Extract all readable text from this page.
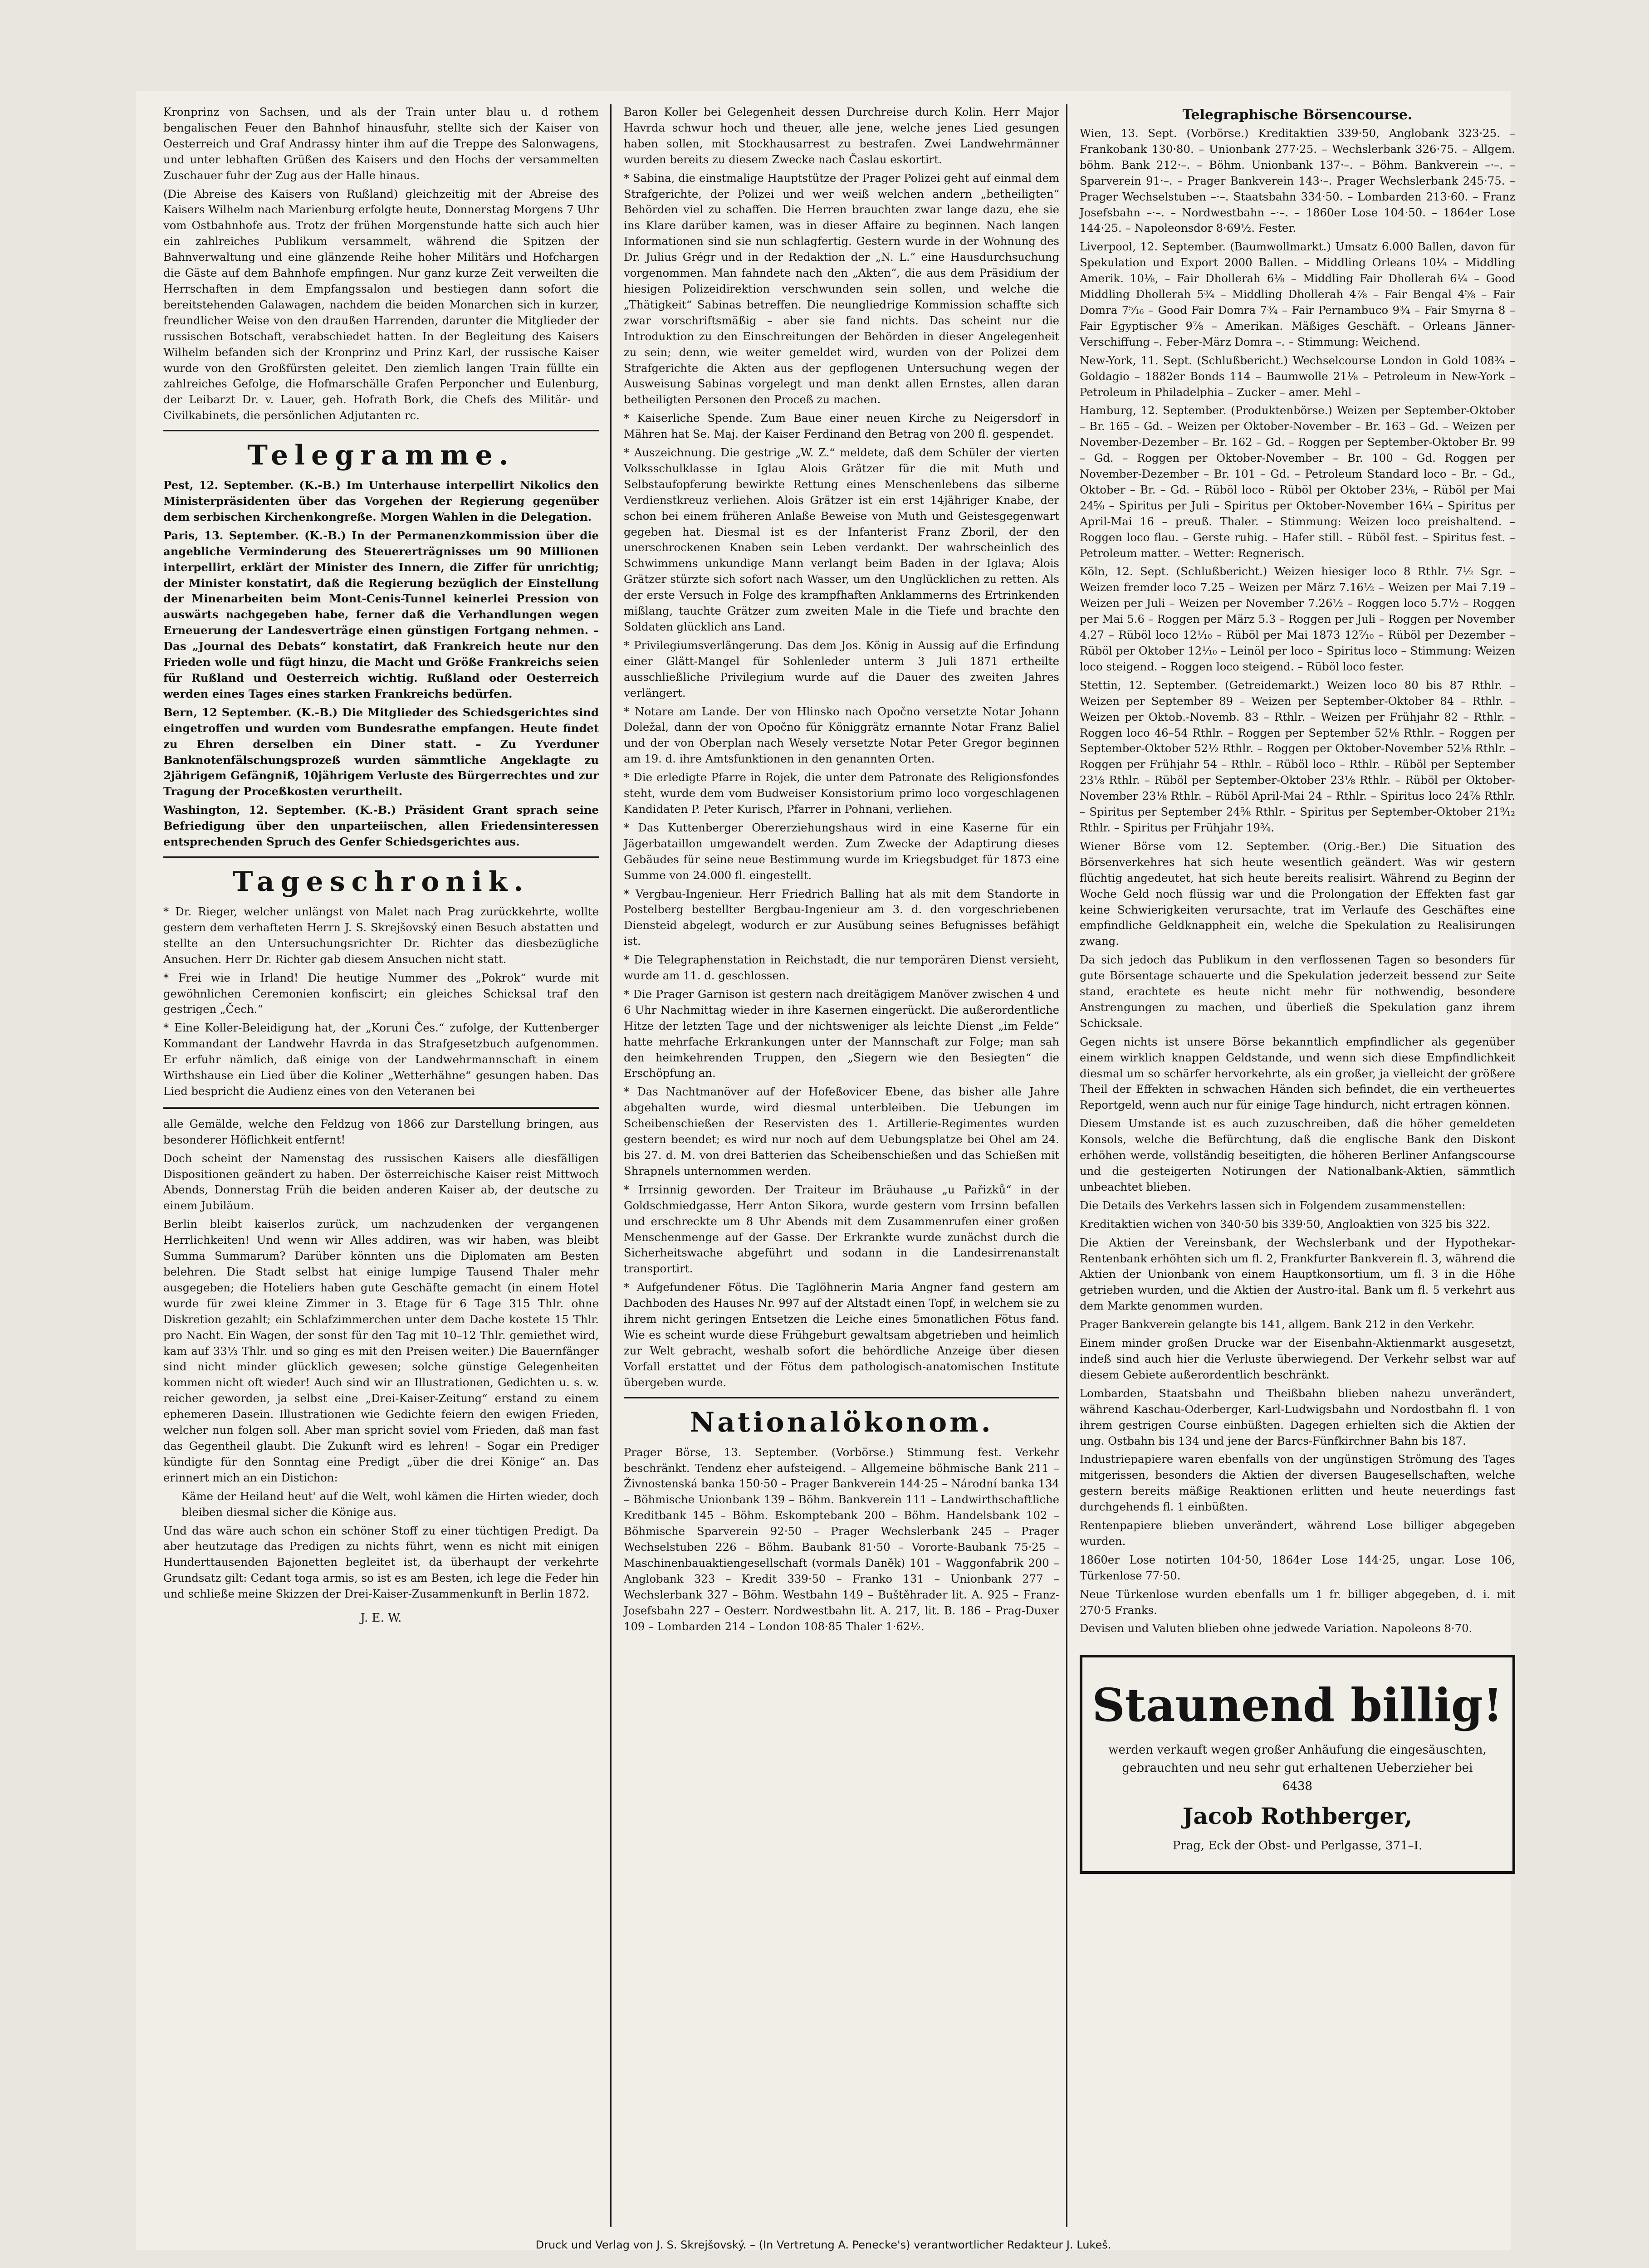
Kronprinz von Sachsen, und als der Train unter blau u. d rothem bengalischen Feuer den Bahnhof hinausfuhr, stellte sich der Kaiser von Oesterreich und Graf Andrassy hinter ihm auf die Treppe des Salonwagens, und unter lebhaften Grüßen des Kaisers und den Hochs der versammelten Zuschauer fuhr der Zug aus der Halle hinaus.

(Die Abreise des Kaisers von Rußland) gleichzeitig mit der Abreise des Kaisers Wilhelm nach Marienburg erfolgte heute, Donnerstag Morgens 7 Uhr vom Ostbahnhofe aus. Trotz der frühen Morgenstunde hatte sich auch hier ein zahlreiches Publikum versammelt, während die Spitzen der Bahnverwaltung und eine glänzende Reihe hoher Militärs und Hofchargen die Gäste auf dem Bahnhofe empfingen. Nur ganz kurze Zeit verweilten die Herrschaften in dem Empfangssalon und bestiegen dann sofort die bereitstehenden Galawagen, nachdem die beiden Monarchen sich in kurzer, freundlicher Weise von den draußen Harrenden, darunter die Mitglieder der russischen Botschaft, verabschiedet hatten. In der Begleitung des Kaisers Wilhelm befanden sich der Kronprinz und Prinz Karl, der russische Kaiser wurde von den Großfürsten geleitet. Den ziemlich langen Train füllte ein zahlreiches Gefolge, die Hofmarschälle Grafen Perponcher und Eulenburg, der Leibarzt Dr. v. Lauer, geh. Hofrath Bork, die Chefs des Militär- und Civilkabinets, die persönlichen Adjutanten rc.

Telegramme.

Pest, 12. September. (K.-B.) Im Unterhause interpellirt Nikolics den Ministerpräsidenten über das Vorgehen der Regierung gegenüber dem serbischen Kirchenkongreße. Morgen Wahlen in die Delegation.

Paris, 13. September. (K.-B.) In der Permanenzkommission über die angebliche Verminderung des Steuererträgnisses um 90 Millionen interpellirt, erklärt der Minister des Innern, die Ziffer für unrichtig; der Minister konstatirt, daß die Regierung bezüglich der Einstellung der Minenarbeiten beim Mont-Cenis-Tunnel keinerlei Pression von auswärts nachgegeben habe, ferner daß die Verhandlungen wegen Erneuerung der Landesverträge einen günstigen Fortgang nehmen. – Das „Journal des Debats“ konstatirt, daß Frankreich heute nur den Frieden wolle und fügt hinzu, die Macht und Größe Frankreichs seien für Rußland und Oesterreich wichtig. Rußland oder Oesterreich werden eines Tages eines starken Frankreichs bedürfen.

Bern, 12 September. (K.-B.) Die Mitglieder des Schiedsgerichtes sind eingetroffen und wurden vom Bundesrathe empfangen. Heute findet zu Ehren derselben ein Diner statt. – Zu Yverduner Banknotenfälschungsprozeß wurden sämmtliche Angeklagte zu 2jährigem Gefängniß, 10jährigem Verluste des Bürgerrechtes und zur Tragung der Proceßkosten verurtheilt.

Washington, 12. September. (K.-B.) Präsident Grant sprach seine Befriedigung über den unparteiischen, allen Friedensinteressen entsprechenden Spruch des Genfer Schiedsgerichtes aus.

Tageschronik.

* Dr. Rieger, welcher unlängst von Malet nach Prag zurückkehrte, wollte gestern dem verhafteten Herrn J. S. Skrejšovský einen Besuch abstatten und stellte an den Untersuchungsrichter Dr. Richter das diesbezügliche Ansuchen. Herr Dr. Richter gab diesem Ansuchen nicht statt.

* Frei wie in Irland! Die heutige Nummer des „Pokrok“ wurde mit gewöhnlichen Ceremonien konfiscirt; ein gleiches Schicksal traf den gestrigen „Čech.“

* Eine Koller-Beleidigung hat, der „Korunі Čes.“ zufolge, der Kuttenberger Kommandant der Landwehr Havrda in das Strafgesetzbuch aufgenommen. Er erfuhr nämlich, daß einige von der Landwehrmannschaft in einem Wirthshause ein Lied über die Koliner „Wetterhähne“ gesungen haben. Das Lied bespricht die Audienz eines von den Veteranen bei

alle Gemälde, welche den Feldzug von 1866 zur Darstellung bringen, aus besonderer Höflichkeit entfernt!

Doch scheint der Namenstag des russischen Kaisers alle diesfälligen Dispositionen geändert zu haben. Der österreichische Kaiser reist Mittwoch Abends, Donnerstag Früh die beiden anderen Kaiser ab, der deutsche zu einem Jubiläum.

Berlin bleibt kaiserlos zurück, um nachzudenken der vergangenen Herrlichkeiten! Und wenn wir Alles addiren, was wir haben, was bleibt Summa Summarum? Darüber könnten uns die Diplomaten am Besten belehren. Die Stadt selbst hat einige lumpige Tausend Thaler mehr ausgegeben; die Hoteliers haben gute Geschäfte gemacht (in einem Hotel wurde für zwei kleine Zimmer in 3. Etage für 6 Tage 315 Thlr. ohne Diskretion gezahlt; ein Schlafzimmerchen unter dem Dache kostete 15 Thlr. pro Nacht. Ein Wagen, der sonst für den Tag mit 10–12 Thlr. gemiethet wird, kam auf 33⅓ Thlr. und so ging es mit den Preisen weiter.) Die Bauernfänger sind nicht minder glücklich gewesen; solche günstige Gelegenheiten kommen nicht oft wieder! Auch sind wir an Illustrationen, Gedichten u. s. w. reicher geworden, ja selbst eine „Drei-Kaiser-Zeitung“ erstand zu einem ephemeren Dasein. Illustrationen wie Gedichte feiern den ewigen Frieden, welcher nun folgen soll. Aber man spricht soviel vom Frieden, daß man fast das Gegentheil glaubt. Die Zukunft wird es lehren! – Sogar ein Prediger kündigte für den Sonntag eine Predigt „über die drei Könige“ an. Das erinnert mich an ein Distichon:

Käme der Heiland heut' auf die Welt, wohl kämen die Hirten wieder, doch bleiben diesmal sicher die Könige aus.

Und das wäre auch schon ein schöner Stoff zu einer tüchtigen Predigt. Da aber heutzutage das Predigen zu nichts führt, wenn es nicht mit einigen Hunderttausenden Bajonetten begleitet ist, da überhaupt der verkehrte Grundsatz gilt: Cedant toga armis, so ist es am Besten, ich lege die Feder hin und schließe meine Skizzen der Drei-Kaiser-Zusammenkunft in Berlin 1872.

J. E. W.

Baron Koller bei Gelegenheit dessen Durchreise durch Kolin. Herr Major Havrda schwur hoch und theuer, alle jene, welche jenes Lied gesungen haben sollen, mit Stockhausarrest zu bestrafen. Zwei Landwehrmänner wurden bereits zu diesem Zwecke nach Časlau eskortirt.

* Sabina, die einstmalige Hauptstütze der Prager Polizei geht auf einmal dem Strafgerichte, der Polizei und wer weiß welchen andern „betheiligten“ Behörden viel zu schaffen. Die Herren brauchten zwar lange dazu, ehe sie ins Klare darüber kamen, was in dieser Affaire zu beginnen. Nach langen Informationen sind sie nun schlagfertig. Gestern wurde in der Wohnung des Dr. Julius Grégr und in der Redaktion der „N. L.“ eine Hausdurchsuchung vorgenommen. Man fahndete nach den „Akten“, die aus dem Präsidium der hiesigen Polizeidirektion verschwunden sein sollen, und welche die „Thätigkeit“ Sabinas betreffen. Die neungliedrige Kommission schaffte sich zwar vorschriftsmäßig – aber sie fand nichts. Das scheint nur die Introduktion zu den Einschreitungen der Behörden in dieser Angelegenheit zu sein; denn, wie weiter gemeldet wird, wurden von der Polizei dem Strafgerichte die Akten aus der gepflogenen Untersuchung wegen der Ausweisung Sabinas vorgelegt und man denkt allen Ernstes, allen daran betheiligten Personen den Proceß zu machen.

* Kaiserliche Spende. Zum Baue einer neuen Kirche zu Neigersdorf in Mähren hat Se. Maj. der Kaiser Ferdinand den Betrag von 200 fl. gespendet.

* Auszeichnung. Die gestrige „W. Z.“ meldete, daß dem Schüler der vierten Volksschulklasse in Iglau Alois Grätzer für die mit Muth und Selbstaufopferung bewirkte Rettung eines Menschenlebens das silberne Verdienstkreuz verliehen. Alois Grätzer ist ein erst 14jähriger Knabe, der schon bei einem früheren Anlaße Beweise von Muth und Geistesgegenwart gegeben hat. Diesmal ist es der Infanterist Franz Zboril, der den unerschrockenen Knaben sein Leben verdankt. Der wahrscheinlich des Schwimmens unkundige Mann verlangt beim Baden in der Iglava; Alois Grätzer stürzte sich sofort nach Wasser, um den Unglücklichen zu retten. Als der erste Versuch in Folge des krampfhaften Anklammerns des Ertrinkenden mißlang, tauchte Grätzer zum zweiten Male in die Tiefe und brachte den Soldaten glücklich ans Land.

* Privilegiumsverlängerung. Das dem Jos. König in Aussig auf die Erfindung einer Glätt-Mangel für Sohlenleder unterm 3 Juli 1871 ertheilte ausschließliche Privilegium wurde auf die Dauer des zweiten Jahres verlängert.

* Notare am Lande. Der von Hlinsko nach Opočno versetzte Notar Johann Doležal, dann der von Opočno für Königgrätz ernannte Notar Franz Baliel und der von Oberplan nach Wesely versetzte Notar Peter Gregor beginnen am 19. d. ihre Amtsfunktionen in den genannten Orten.

* Die erledigte Pfarre in Rojek, die unter dem Patronate des Religionsfondes steht, wurde dem vom Budweiser Konsistorium primo loco vorgeschlagenen Kandidaten P. Peter Kurisch, Pfarrer in Pohnani, verliehen.

* Das Kuttenberger Obererziehungshaus wird in eine Kaserne für ein Jägerbataillon umgewandelt werden. Zum Zwecke der Adaptirung dieses Gebäudes für seine neue Bestimmung wurde im Kriegsbudget für 1873 eine Summe von 24.000 fl. eingestellt.

* Vergbau-Ingenieur. Herr Friedrich Balling hat als mit dem Standorte in Postelberg bestellter Bergbau-Ingenieur am 3. d. den vorgeschriebenen Diensteid abgelegt, wodurch er zur Ausübung seines Befugnisses befähigt ist.

* Die Telegraphenstation in Reichstadt, die nur temporären Dienst versieht, wurde am 11. d. geschlossen.

* Die Prager Garnison ist gestern nach dreitägigem Manöver zwischen 4 und 6 Uhr Nachmittag wieder in ihre Kasernen eingerückt. Die außerordentliche Hitze der letzten Tage und der nichtsweniger als leichte Dienst „im Felde“ hatte mehrfache Erkrankungen unter der Mannschaft zur Folge; man sah den heimkehrenden Truppen, den „Siegern wie den Besiegten“ die Erschöpfung an.

* Das Nachtmanöver auf der Hofeßovicer Ebene, das bisher alle Jahre abgehalten wurde, wird diesmal unterbleiben. Die Uebungen im Scheibenschießen der Reservisten des 1. Artillerie-Regimentes wurden gestern beendet; es wird nur noch auf dem Uebungsplatze bei Ohel am 24. bis 27. d. M. von drei Batterien das Scheibenschießen und das Schießen mit Shrapnels unternommen werden.

* Irrsinnig geworden. Der Traiteur im Bräuhause „u Pařizků“ in der Goldschmiedgasse, Herr Anton Sikora, wurde gestern vom Irrsinn befallen und erschreckte um 8 Uhr Abends mit dem Zusammenrufen einer großen Menschenmenge auf der Gasse. Der Erkrankte wurde zunächst durch die Sicherheitswache abgeführt und sodann in die Landesirrenanstalt transportirt.

* Aufgefundener Fötus. Die Taglöhnerin Maria Angner fand gestern am Dachboden des Hauses Nr. 997 auf der Altstadt einen Topf, in welchem sie zu ihrem nicht geringen Entsetzen die Leiche eines 5monatlichen Fötus fand. Wie es scheint wurde diese Frühgeburt gewaltsam abgetrieben und heimlich zur Welt gebracht, weshalb sofort die behördliche Anzeige über diesen Vorfall erstattet und der Fötus dem pathologisch-anatomischen Institute übergeben wurde.

Nationalökonom.

Prager Börse, 13. September. (Vorbörse.) Stimmung fest. Verkehr beschränkt. Tendenz eher aufsteigend. – Allgemeine böhmische Bank 211 – Živnostenská banka 150·50 – Prager Bankverein 144·25 – Národní banka 134 – Böhmische Unionbank 139 – Böhm. Bankverein 111 – Landwirthschaftliche Kreditbank 145 – Böhm. Eskomptebank 200 – Böhm. Handelsbank 102 – Böhmische Sparverein 92·50 – Prager Wechslerbank 245 – Prager Wechselstuben 226 – Böhm. Baubank 81·50 – Vororte-Baubank 75·25 – Maschinenbauaktiengesellschaft (vormals Daněk) 101 – Waggonfabrik 200 – Anglobank 323 – Kredit 339·50 – Franko 131 – Unionbank 277 – Wechslerbank 327 – Böhm. Westbahn 149 – Buštěhrader lit. A. 925 – Franz-Josefsbahn 227 – Oesterr. Nordwestbahn lit. A. 217, lit. B. 186 – Prag-Duxer 109 – Lombarden 214 – London 108·85 Thaler 1·62½.

Telegraphische Börsencourse.

Wien, 13. Sept. (Vorbörse.) Kreditaktien 339·50, Anglobank 323·25. – Frankobank 130·80. – Unionbank 277·25. – Wechslerbank 326·75. – Allgem. böhm. Bank 212·–. – Böhm. Unionbank 137·–. – Böhm. Bankverein –·–. – Sparverein 91·–. – Prager Bankverein 143·–. Prager Wechslerbank 245·75. – Prager Wechselstuben –·–. Staatsbahn 334·50. – Lombarden 213·60. – Franz Josefsbahn –·–. – Nordwestbahn –·–. – 1860er Lose 104·50. – 1864er Lose 144·25. – Napoleonsdor 8·69½. Fester.

Liverpool, 12. September. (Baumwollmarkt.) Umsatz 6.000 Ballen, davon für Spekulation und Export 2000 Ballen. – Middling Orleans 10¼ – Middling Amerik. 10⅛, – Fair Dhollerah 6⅛ – Middling Fair Dhollerah 6¼ – Good Middling Dhollerah 5¾ – Middling Dhollerah 4⅞ – Fair Bengal 4⅝ – Fair Domra 7⁵⁄₁₆ – Good Fair Domra 7¾ – Fair Pernambuco 9¾ – Fair Smyrna 8 – Fair Egyptischer 9⅞ – Amerikan. Mäßiges Geschäft. – Orleans Jänner-Verschiffung –. Feber-März Domra –. – Stimmung: Weichend.

New-York, 11. Sept. (Schlußbericht.) Wechselcourse London in Gold 108¾ – Goldagio – 1882er Bonds 114 – Baumwolle 21⅛ – Petroleum in New-York – Petroleum in Philadelphia – Zucker – amer. Mehl –

Hamburg, 12. September. (Produktenbörse.) Weizen per September-Oktober – Br. 165 – Gd. – Weizen per Oktober-November – Br. 163 – Gd. – Weizen per November-Dezember – Br. 162 – Gd. – Roggen per September-Oktober Br. 99 – Gd. – Roggen per Oktober-November – Br. 100 – Gd. Roggen per November-Dezember – Br. 101 – Gd. – Petroleum Standard loco – Br. – Gd., Oktober – Br. – Gd. – Rüböl loco – Rüböl per Oktober 23⅛, – Rüböl per Mai 24⅝ – Spiritus per Juli – Spiritus per Oktober-November 16¼ – Spiritus per April-Mai 16 – preuß. Thaler. – Stimmung: Weizen loco preishaltend. – Roggen loco flau. – Gerste ruhig. – Hafer still. – Rüböl fest. – Spiritus fest. – Petroleum matter. – Wetter: Regnerisch.

Köln, 12. Sept. (Schlußbericht.) Weizen hiesiger loco 8 Rthlr. 7½ Sgr. – Weizen fremder loco 7.25 – Weizen per März 7.16½ – Weizen per Mai 7.19 – Weizen per Juli – Weizen per November 7.26½ – Roggen loco 5.7½ – Roggen per Mai 5.6 – Roggen per März 5.3 – Roggen per Juli – Roggen per November 4.27 – Rüböl loco 12¹⁄₁₀ – Rüböl per Mai 1873 12⁷⁄₁₀ – Rüböl per Dezember – Rüböl per Oktober 12¹⁄₁₀ – Leinöl per loco – Spiritus loco – Stimmung: Weizen loco steigend. – Roggen loco steigend. – Rüböl loco fester.

Stettin, 12. September. (Getreidemarkt.) Weizen loco 80 bis 87 Rthlr. – Weizen per September 89 – Weizen per September-Oktober 84 – Rthlr. – Weizen per Oktob.-Novemb. 83 – Rthlr. – Weizen per Frühjahr 82 – Rthlr. – Roggen loco 46–54 Rthlr. – Roggen per September 52⅛ Rthlr. – Roggen per September-Oktober 52½ Rthlr. – Roggen per Oktober-November 52⅛ Rthlr. – Roggen per Frühjahr 54 – Rthlr. – Rüböl loco – Rthlr. – Rüböl per September 23⅛ Rthlr. – Rüböl per September-Oktober 23⅛ Rthlr. – Rüböl per Oktober-November 23⅛ Rthlr. – Rüböl April-Mai 24 – Rthlr. – Spiritus loco 24⅞ Rthlr. – Spiritus per September 24⅝ Rthlr. – Spiritus per September-Oktober 21⁹⁄₁₂ Rthlr. – Spiritus per Frühjahr 19¾.

Wiener Börse vom 12. September. (Orig.-Ber.) Die Situation des Börsenverkehres hat sich heute wesentlich geändert. Was wir gestern flüchtig angedeutet, hat sich heute bereits realisirt. Während zu Beginn der Woche Geld noch flüssig war und die Prolongation der Effekten fast gar keine Schwierigkeiten verursachte, trat im Verlaufe des Geschäftes eine empfindliche Geldknappheit ein, welche die Spekulation zu Realisirungen zwang.

Da sich jedoch das Publikum in den verflossenen Tagen so besonders für gute Börsentage schauerte und die Spekulation jederzeit bessend zur Seite stand, erachtete es heute nicht mehr für nothwendig, besondere Anstrengungen zu machen, und überließ die Spekulation ganz ihrem Schicksale.

Gegen nichts ist unsere Börse bekanntlich empfindlicher als gegenüber einem wirklich knappen Geldstande, und wenn sich diese Empfindlichkeit diesmal um so schärfer hervorkehrte, als ein großer, ja vielleicht der größere Theil der Effekten in schwachen Händen sich befindet, die ein vertheuertes Reportgeld, wenn auch nur für einige Tage hindurch, nicht ertragen können.

Diesem Umstande ist es auch zuzuschreiben, daß die höher gemeldeten Konsols, welche die Befürchtung, daß die englische Bank den Diskont erhöhen werde, vollständig beseitigten, die höheren Berliner Anfangscourse und die gesteigerten Notirungen der Nationalbank-Aktien, sämmtlich unbeachtet blieben.

Die Details des Verkehrs lassen sich in Folgendem zusammenstellen:

Kreditaktien wichen von 340·50 bis 339·50, Angloaktien von 325 bis 322.

Die Aktien der Vereinsbank, der Wechslerbank und der Hypothekar-Rentenbank erhöhten sich um fl. 2, Frankfurter Bankverein fl. 3, während die Aktien der Unionbank von einem Hauptkonsortium, um fl. 3 in die Höhe getrieben wurden, und die Aktien der Austro-ital. Bank um fl. 5 verkehrt aus dem Markte genommen wurden.

Prager Bankverein gelangte bis 141, allgem. Bank 212 in den Verkehr.

Einem minder großen Drucke war der Eisenbahn-Aktienmarkt ausgesetzt, indeß sind auch hier die Verluste überwiegend. Der Verkehr selbst war auf diesem Gebiete außerordentlich beschränkt.

Lombarden, Staatsbahn und Theißbahn blieben nahezu unverändert, während Kaschau-Oderberger, Karl-Ludwigsbahn und Nordostbahn fl. 1 von ihrem gestrigen Course einbüßten. Dagegen erhielten sich die Aktien der ung. Ostbahn bis 134 und jene der Barcs-Fünfkirchner Bahn bis 187.

Industriepapiere waren ebenfalls von der ungünstigen Strömung des Tages mitgerissen, besonders die Aktien der diversen Baugesellschaften, welche gestern bereits mäßige Reaktionen erlitten und heute neuerdings fast durchgehends fl. 1 einbüßten.

Rentenpapiere blieben unverändert, während Lose billiger abgegeben wurden.

1860er Lose notirten 104·50, 1864er Lose 144·25, ungar. Lose 106, Türkenlose 77·50.

Neue Türkenlose wurden ebenfalls um 1 fr. billiger abgegeben, d. i. mit 270·5 Franks.

Devisen und Valuten blieben ohne jedwede Variation. Napoleons 8·70.

Staunend billig!

werden verkauft wegen großer Anhäufung die eingesäuschten, gebrauchten und neu sehr gut erhaltenen Ueberzieher bei

6438

Jacob Rothberger,

Prag, Eck der Obst- und Perlgasse, 371–I.

Druck und Verlag von J. S. Skrejšovský. – (In Vertretung A. Penecke's) verantwortlicher Redakteur J. Lukeš.
